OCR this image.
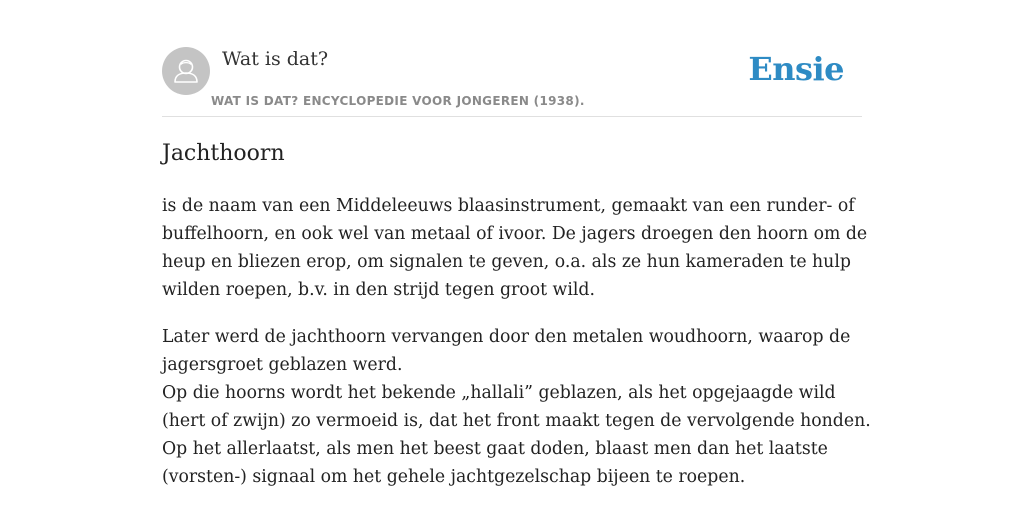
Wat is dat?
WAT IS DAT? ENCYCLOPEDIE VOOR JONGEREN (1938).
Ensie
Jachthoorn

is de naam van een Middeleeuws blaasinstrument, gemaakt van een runder- of
buffelhoorn, en ook wel van metaal of ivoor. De jagers droegen den hoorn om de
heup en bliezen erop, om signalen te geven, o.a. als ze hun kameraden te hulp
wilden roepen, b.v. in den strijd tegen groot wild.

Later werd de jachthoorn vervangen door den metalen woudhoorn, waarop de
jagersgroet geblazen werd.
Op die hoorns wordt het bekende „hallali” geblazen, als het opgejaagde wild
(hert of zwijn) zo vermoeid is, dat het front maakt tegen de vervolgende honden.
Op het allerlaatst, als men het beest gaat doden, blaast men dan het laatste
(vorsten-) signaal om het gehele jachtgezelschap bijeen te roepen.
